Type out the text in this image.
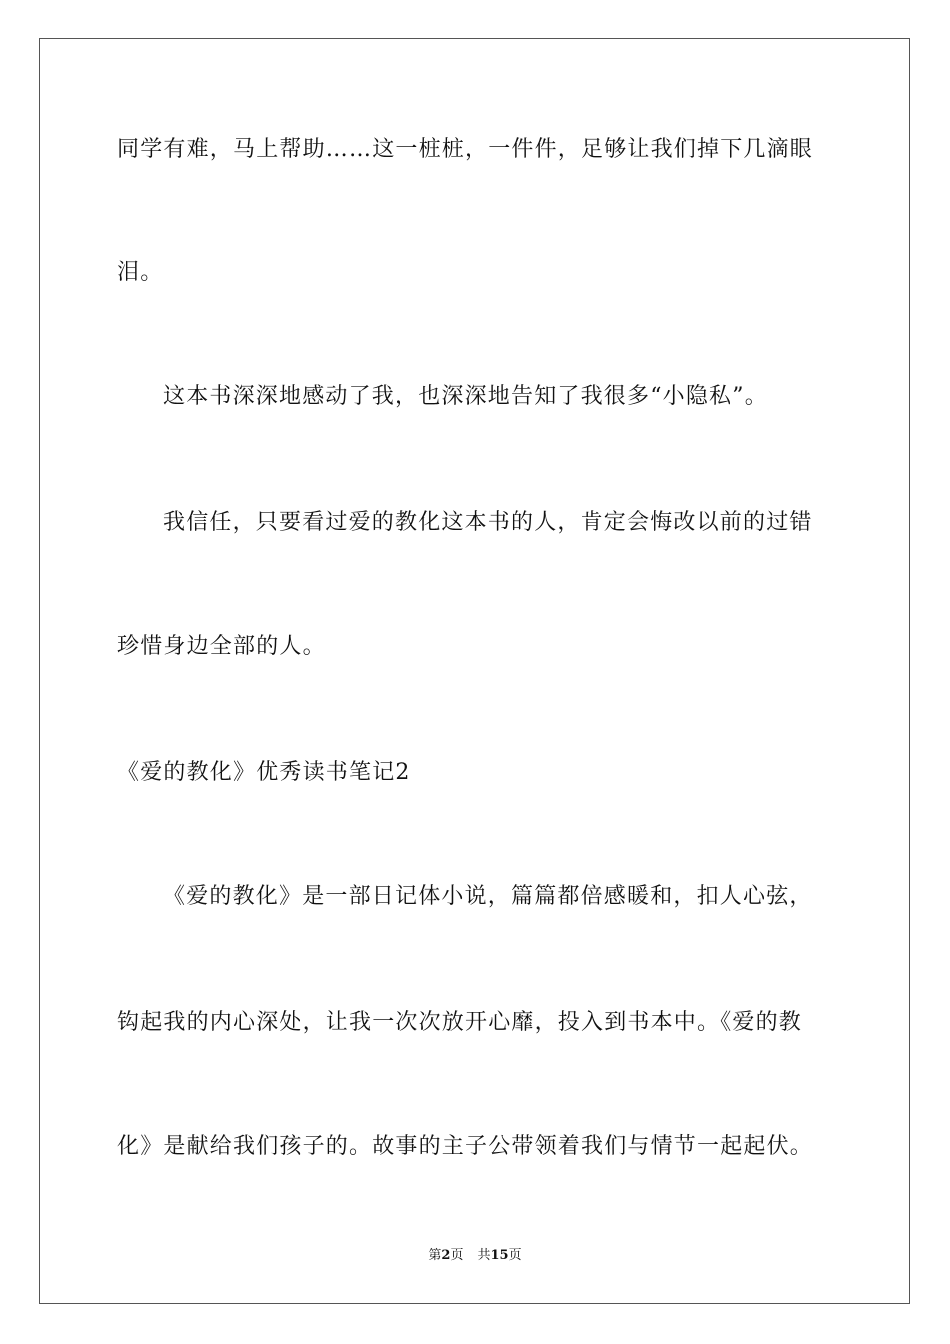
同学有难，马上帮助……这一桩桩，一件件，足够让我们掉下几滴眼
泪。
这本书深深地感动了我，也深深地告知了我很多“小隐私”。
我信任，只要看过爱的教化这本书的人，肯定会悔改以前的过错
珍惜身边全部的人。
《爱的教化》优秀读书笔记2
《爱的教化》是一部日记体小说，篇篇都倍感暖和，扣人心弦，
钩起我的内心深处，让我一次次放开心靡，投入到书本中。《爱的教
化》是献给我们孩子的。故事的主子公带领着我们与情节一起起伏。
第2页 共15页
